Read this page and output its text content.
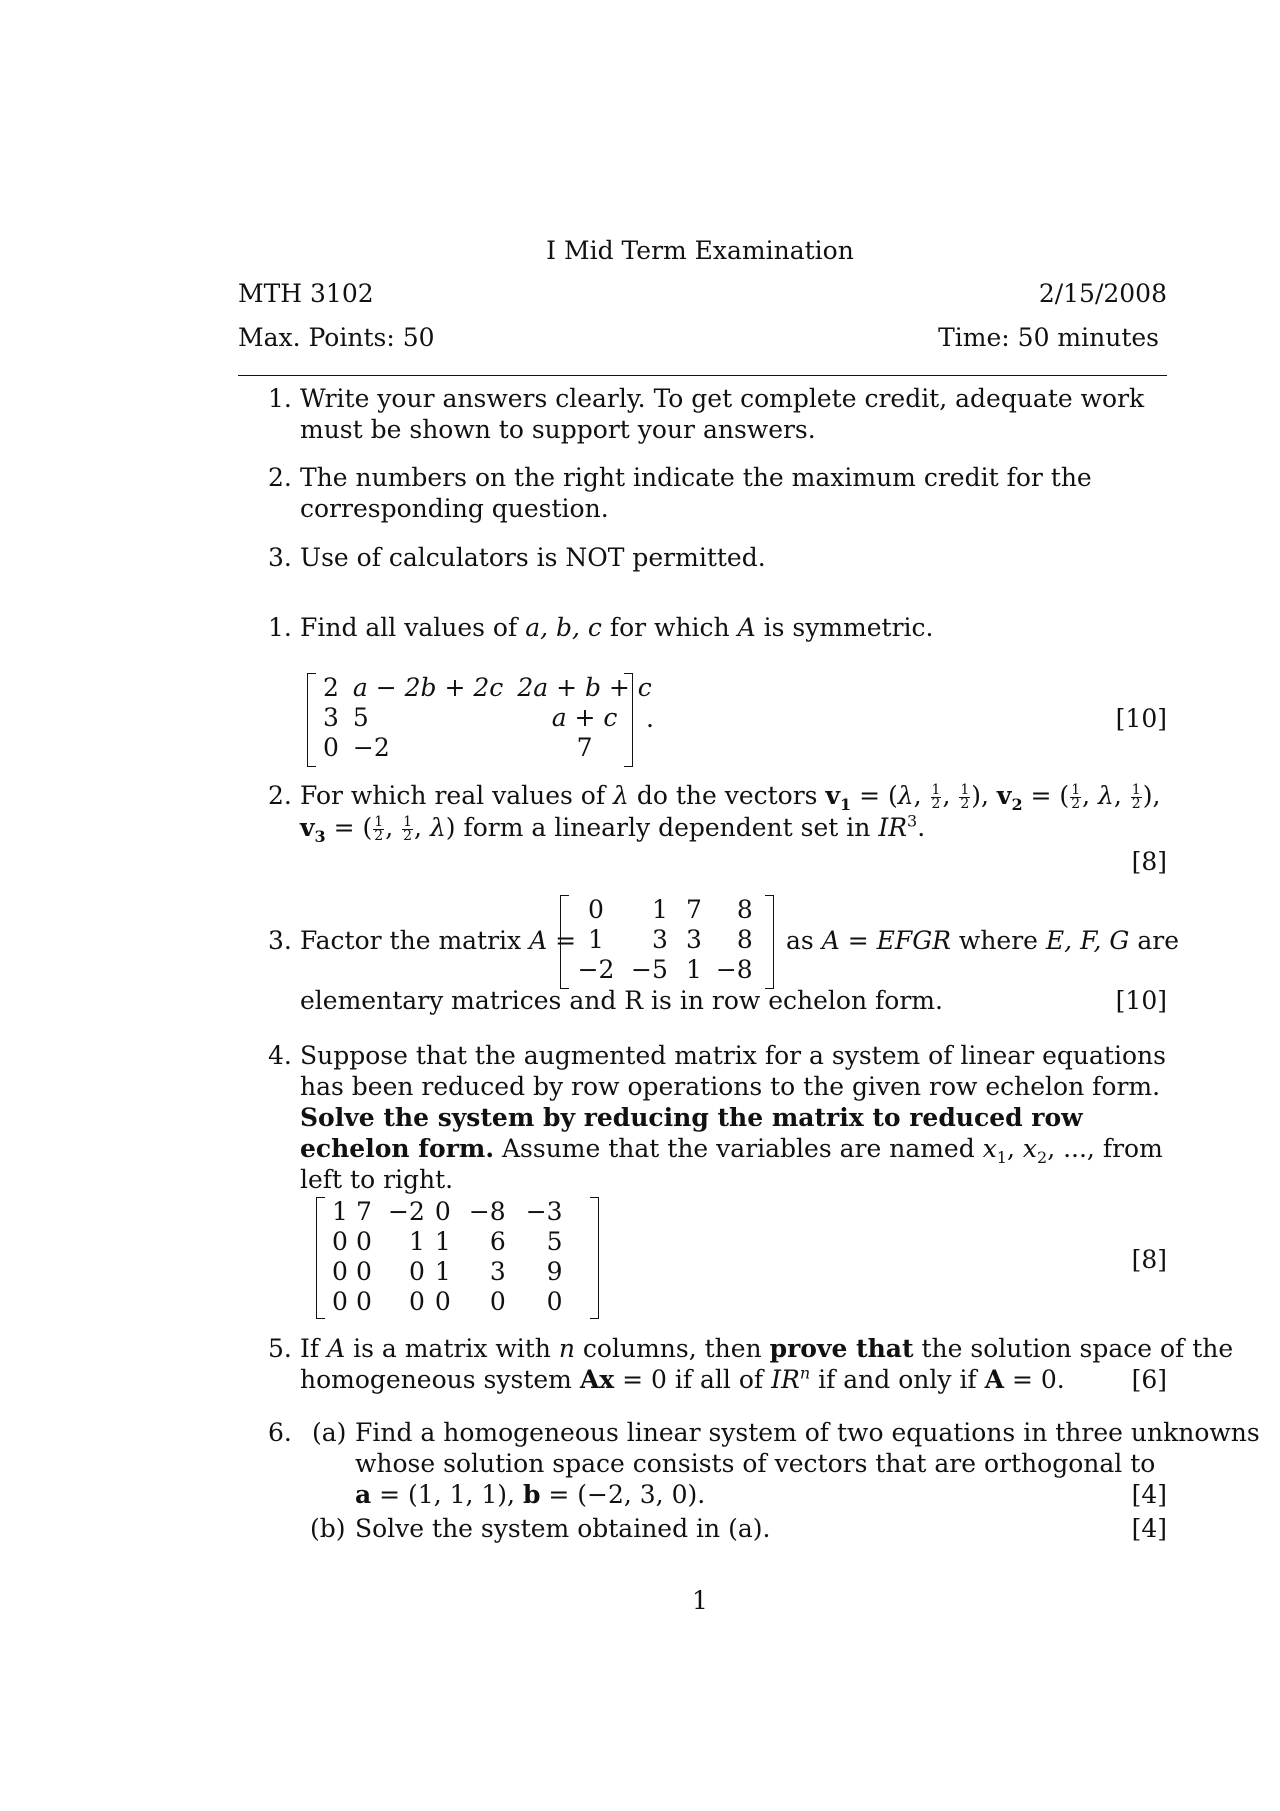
I Mid Term Examination
MTH 3102	2/15/2008
Max. Points: 50	Time: 50 minutes
1. Write your answers clearly. To get complete credit, adequate work must be shown to support your answers.
2. The numbers on the right indicate the maximum credit for the corresponding question.
3. Use of calculators is NOT permitted.
1. Find all values of a, b, c for which A is symmetric.
2	a − 2b + 2c	2a + b + c
3	5	a + c
0	−2	7
.	[10]
2. For which real values of λ do the vectors $v_1 = (\lambda$, $\frac{1}{2}$ , $\frac{1}{2}$ ), $v_2$ = ( $\frac{1}{2}$ , λ, $\frac{1}{2}$ ),
$v_3$ = ( $\frac{1}{2}$ , $\frac{1}{2}$ , λ) form a linearly dependent set in $IR^3$.
[8]
3. Factor the matrix A =
0	1	7	8
1	3	3	8
−2	−5	1	−8
as A = EFGR where E, F, G are
elementary matrices and R is in row echelon form.	[10]
4. Suppose that the augmented matrix for a system of linear equations has been reduced by row operations to the given row echelon form. Solve the system by reducing the matrix to reduced row echelon form. Assume that the variables are named $x_1$, $x_2$, ..., from left to right.
1	7	−2	0	−8	−3
0	0	1	1	6	5
0	0	0	1	3	9
0	0	0	0	0	0
[8]
5. If A is a matrix with n columns, then prove that the solution space of the
homogeneous system Ax = 0 if all of $IR^n$ if and only if A = 0.	[6]
6. (a) Find a homogeneous linear system of two equations in three unknowns
whose solution space consists of vectors that are orthogonal to
a = (1, 1, 1), b = (−2, 3, 0).	[4]
(b) Solve the system obtained in (a).	[4]
1
